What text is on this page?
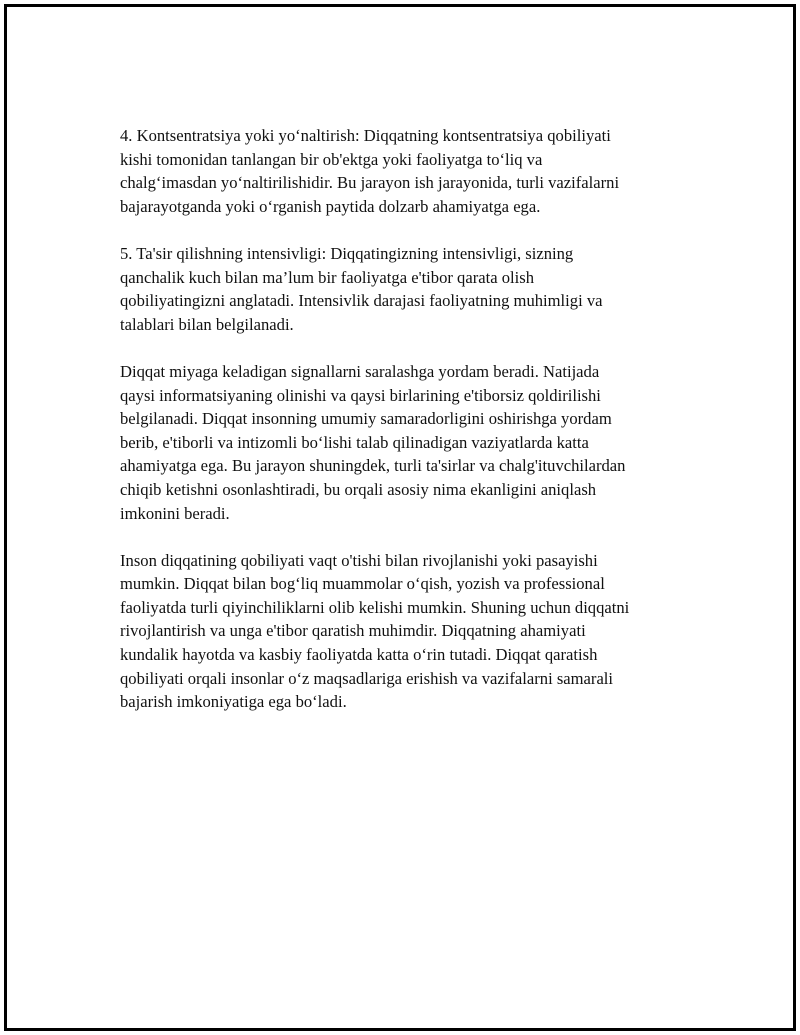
4. Kontsentratsiya yoki yo‘naltirish: Diqqatning kontsentratsiya qobiliyati
kishi tomonidan tanlangan bir ob'ektga yoki faoliyatga to‘liq va
chalg‘imasdan yo‘naltirilishidir. Bu jarayon ish jarayonida, turli vazifalarni
bajarayotganda yoki o‘rganish paytida dolzarb ahamiyatga ega.

5. Ta'sir qilishning intensivligi: Diqqatingizning intensivligi, sizning
qanchalik kuch bilan ma’lum bir faoliyatga e'tibor qarata olish
qobiliyatingizni anglatadi. Intensivlik darajasi faoliyatning muhimligi va
talablari bilan belgilanadi.

Diqqat miyaga keladigan signallarni saralashga yordam beradi. Natijada
qaysi informatsiyaning olinishi va qaysi birlarining e'tiborsiz qoldirilishi
belgilanadi. Diqqat insonning umumiy samaradorligini oshirishga yordam
berib, e'tiborli va intizomli bo‘lishi talab qilinadigan vaziyatlarda katta
ahamiyatga ega. Bu jarayon shuningdek, turli ta'sirlar va chalg'ituvchilardan
chiqib ketishni osonlashtiradi, bu orqali asosiy nima ekanligini aniqlash
imkonini beradi.

Inson diqqatining qobiliyati vaqt o'tishi bilan rivojlanishi yoki pasayishi
mumkin. Diqqat bilan bog‘liq muammolar o‘qish, yozish va professional
faoliyatda turli qiyinchiliklarni olib kelishi mumkin. Shuning uchun diqqatni
rivojlantirish va unga e'tibor qaratish muhimdir. Diqqatning ahamiyati
kundalik hayotda va kasbiy faoliyatda katta o‘rin tutadi. Diqqat qaratish
qobiliyati orqali insonlar o‘z maqsadlariga erishish va vazifalarni samarali
bajarish imkoniyatiga ega bo‘ladi.
